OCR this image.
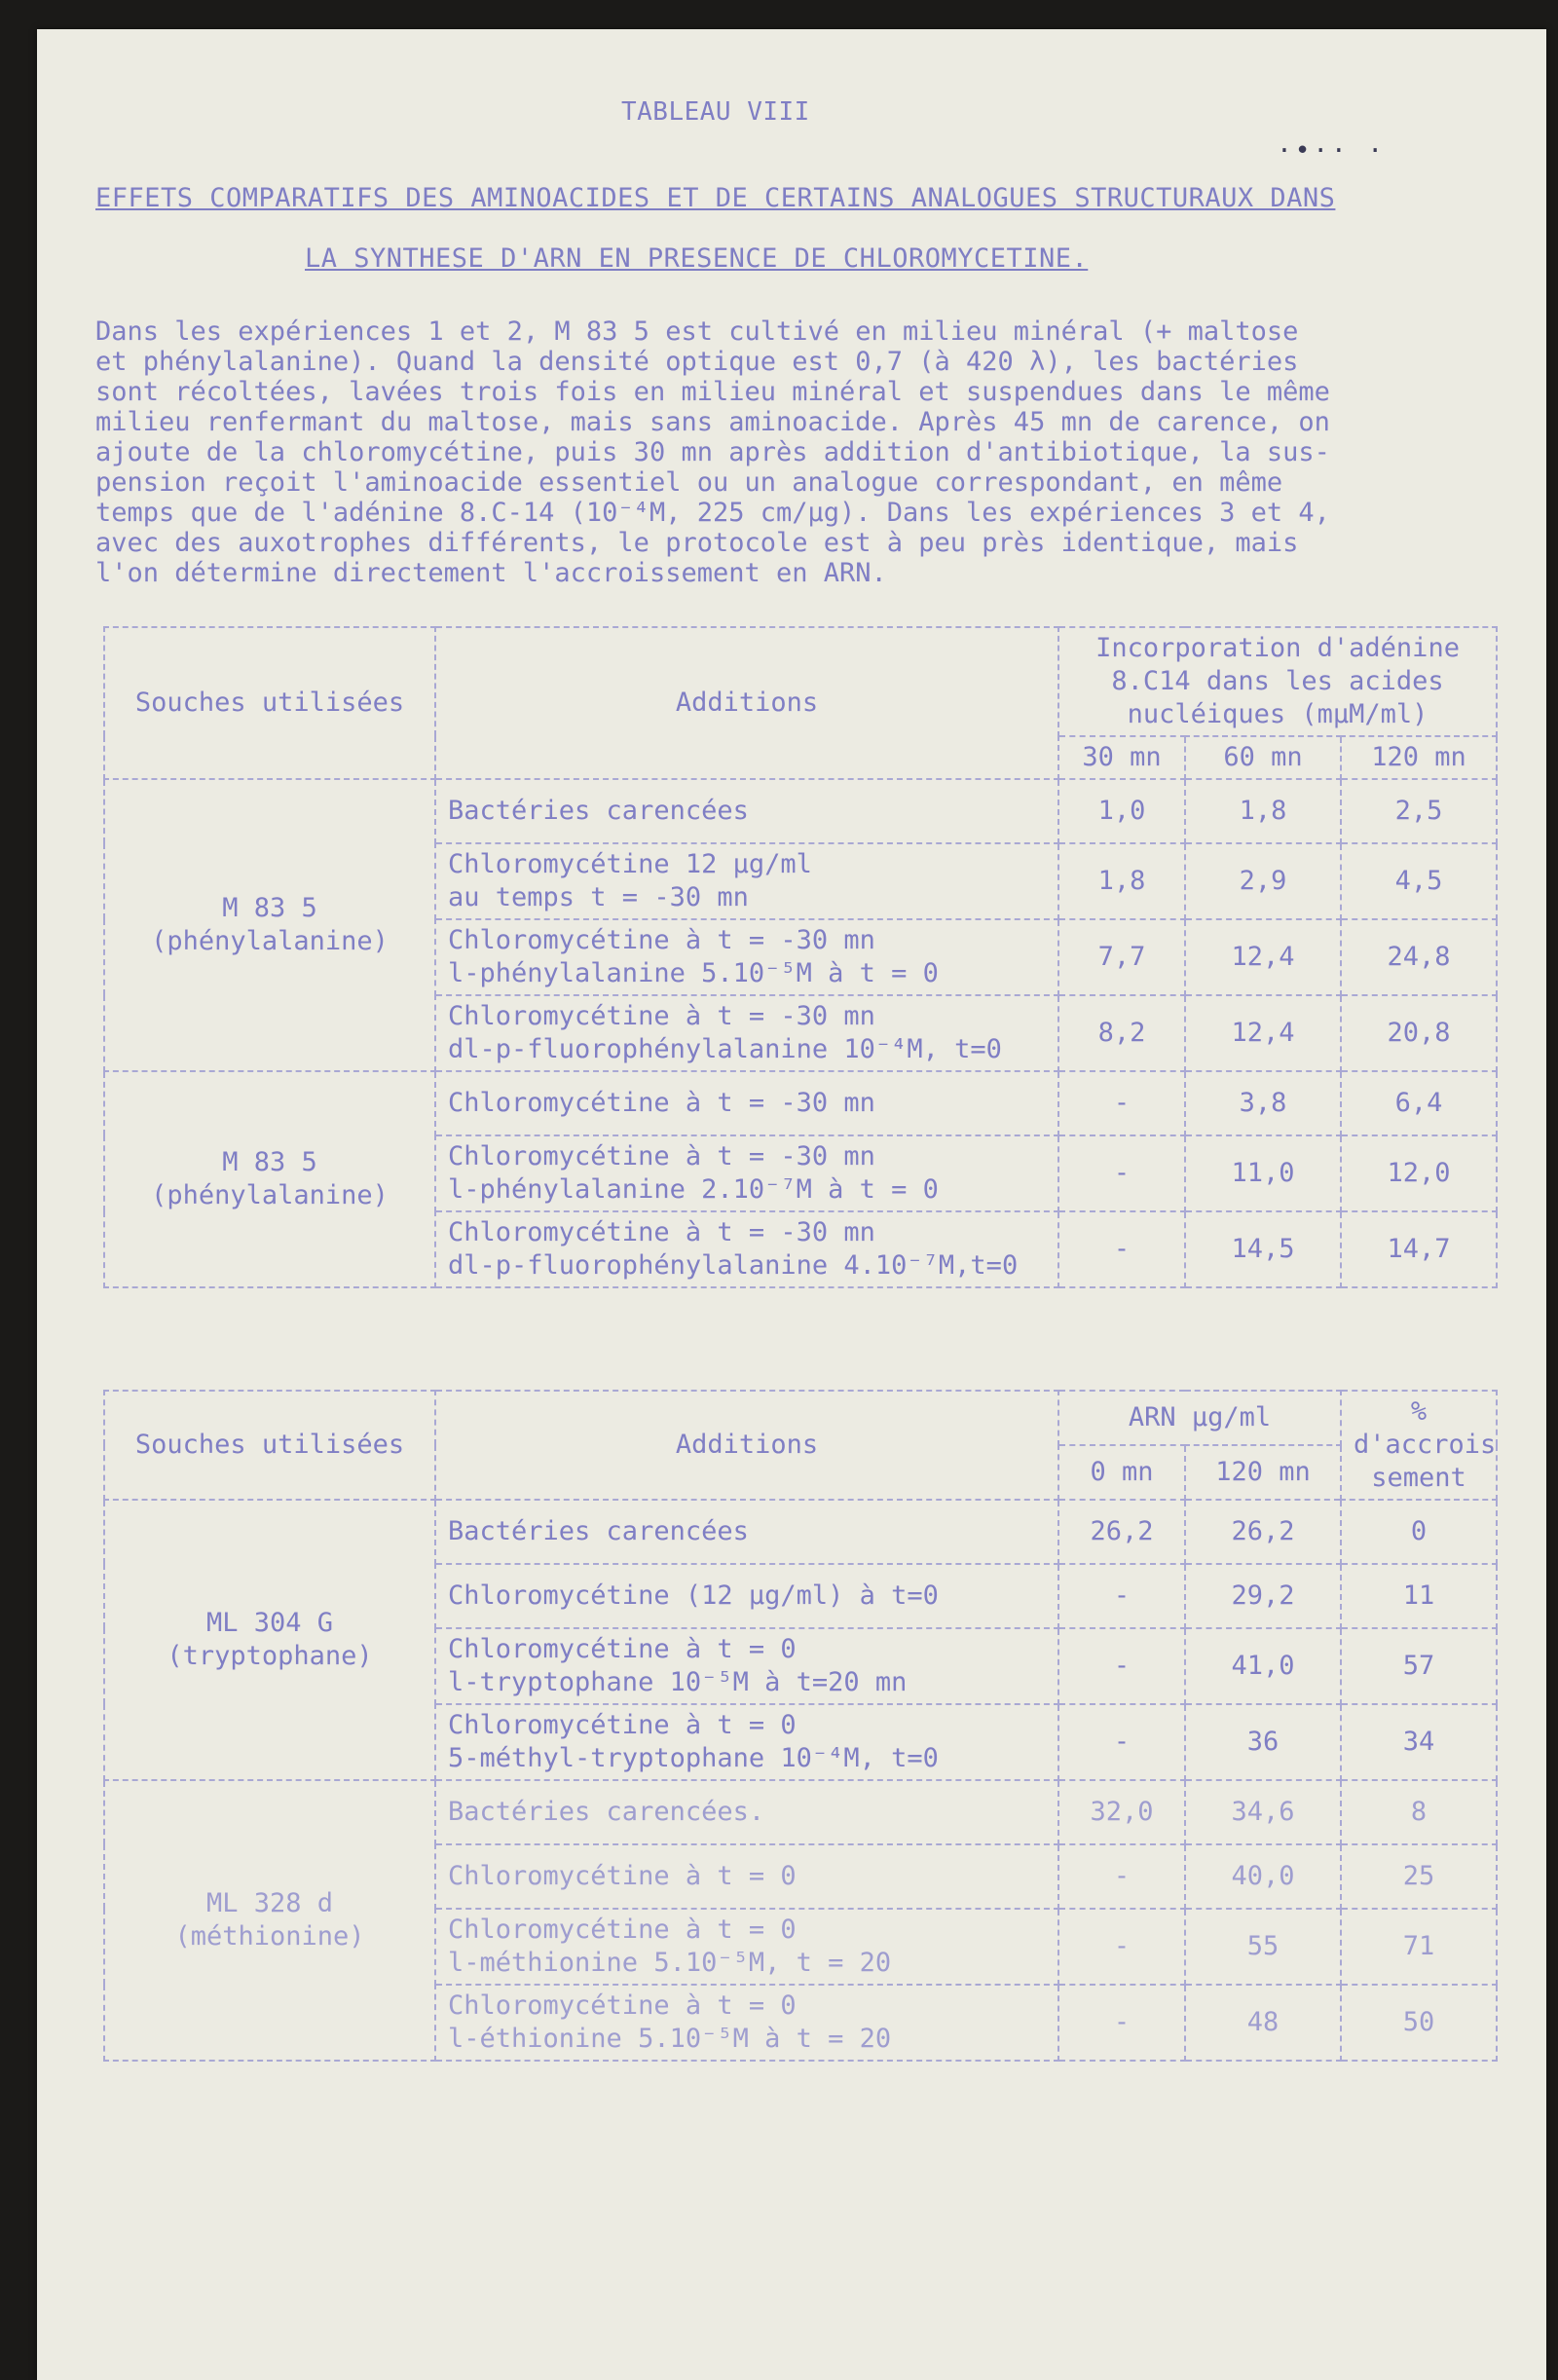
·•·· ·
TABLEAU VIII
EFFETS COMPARATIFS DES AMINOACIDES ET DE CERTAINS ANALOGUES STRUCTURAUX DANS
LA SYNTHESE D'ARN EN PRESENCE DE CHLOROMYCETINE.
Dans les expériences 1 et 2, M 83 5 est cultivé en milieu minéral (+ maltose
et phénylalanine). Quand la densité optique est 0,7 (à 420 λ), les bactéries
sont récoltées, lavées trois fois en milieu minéral et suspendues dans le même
milieu renfermant du maltose, mais sans aminoacide. Après 45 mn de carence, on
ajoute de la chloromycétine, puis 30 mn après addition d'antibiotique, la sus-
pension reçoit l'aminoacide essentiel ou un analogue correspondant, en même
temps que de l'adénine 8.C-14 (10⁻⁴M, 225 cm/μg). Dans les expériences 3 et 4,
avec des auxotrophes différents, le protocole est à peu près identique, mais
l'on détermine directement l'accroissement en ARN.
Souches utilisées	Additions	Incorporation d'adénine
8.C14 dans les acides
nucléiques (mμM/ml)		

		30 mn	60 mn	120 mn

M 83 5
(phénylalanine)	Bactéries carencées	1,0	1,8	2,5

	Chloromycétine 12 μg/ml
au temps t = -30 mn	1,8	2,9	4,5

	Chloromycétine à t = -30 mn
l-phénylalanine 5.10⁻⁵M à t = 0	7,7	12,4	24,8

	Chloromycétine à t = -30 mn
dl-p-fluorophénylalanine 10⁻⁴M, t=0	8,2	12,4	20,8

M 83 5
(phénylalanine)	Chloromycétine à t = -30 mn	-	3,8	6,4

	Chloromycétine à t = -30 mn
l-phénylalanine 2.10⁻⁷M à t = 0	-	11,0	12,0

	Chloromycétine à t = -30 mn
dl-p-fluorophénylalanine 4.10⁻⁷M,t=0	-	14,5	14,7
Souches utilisées	Additions	ARN μg/ml		%
d'accrois
sement

		0 mn	120 mn	

ML 304 G
(tryptophane)	Bactéries carencées	26,2	26,2	0

	Chloromycétine (12 μg/ml) à t=0	-	29,2	11

	Chloromycétine à t = 0
l-tryptophane 10⁻⁵M à t=20 mn	-	41,0	57

	Chloromycétine à t = 0
5-méthyl-tryptophane 10⁻⁴M, t=0	-	36	34

ML 328 d
(méthionine)	Bactéries carencées.	32,0	34,6	8

	Chloromycétine à t = 0	-	40,0	25

	Chloromycétine à t = 0
l-méthionine 5.10⁻⁵M, t = 20	-	55	71

	Chloromycétine à t = 0
l-éthionine 5.10⁻⁵M à t = 20	-	48	50
